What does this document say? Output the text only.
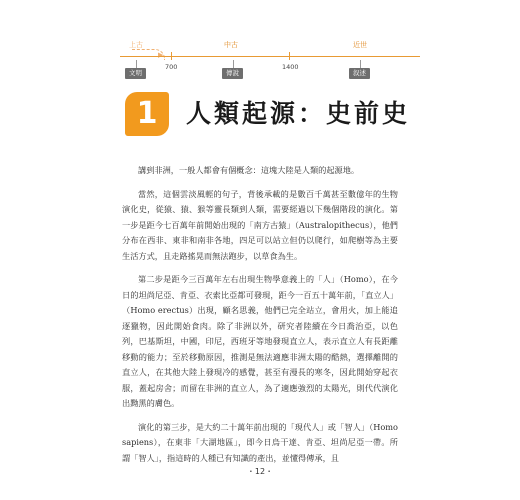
上古	中古	近世
▶
700	1400
文明	傳說	叙述
1	人類起源：史前史

講到非洲，一般人都會有個概念：這塊大陸是人類的起源地。

當然，這個雲淡風輕的句子，背後承載的是數百千萬甚至數億年的生物演化史，從猿、猿、猴等靈長類到人類，需要經過以下幾個階段的演化。第一步是距今七百萬年前開始出現的「南方古猿」（Australopithecus），他們分布在西非、東非和南非各地，四足可以站立但仍以爬行，如爬樹等為主要生活方式，且走路搖晃而無法跑步，以草食為生。

第二步是距今三百萬年左右出現生物學意義上的「人」（Homo），在今日的坦尚尼亞、肯亞、衣索比亞都可發現，距今一百五十萬年前，「直立人」（Homo erectus）出現，顧名思義，他們已完全站立，會用火，加上能追逐獵物，因此開始食肉。除了非洲以外，研究者陸續在今日喬治亞，以色列，巴基斯坦，中國，印尼，西班牙等地發現直立人，表示直立人有長距離移動的能力；至於移動原因，推測是無法適應非洲太陽的酷熱，選擇離開的直立人，在其他大陸上發現冷的感覺，甚至有漫長的寒冬，因此開始穿起衣服，蓋起房舍；而留在非洲的直立人，為了適應強烈的太陽光，則代代演化出黝黑的膚色。

演化的第三步，是大約二十萬年前出現的「現代人」或「智人」（Homo sapiens），在東非「大湖地區」，即今日烏干達、肯亞、坦尚尼亞一帶。所謂「智人」，指這時的人種已有知識的產出，並懂得傳承，且

・12・
